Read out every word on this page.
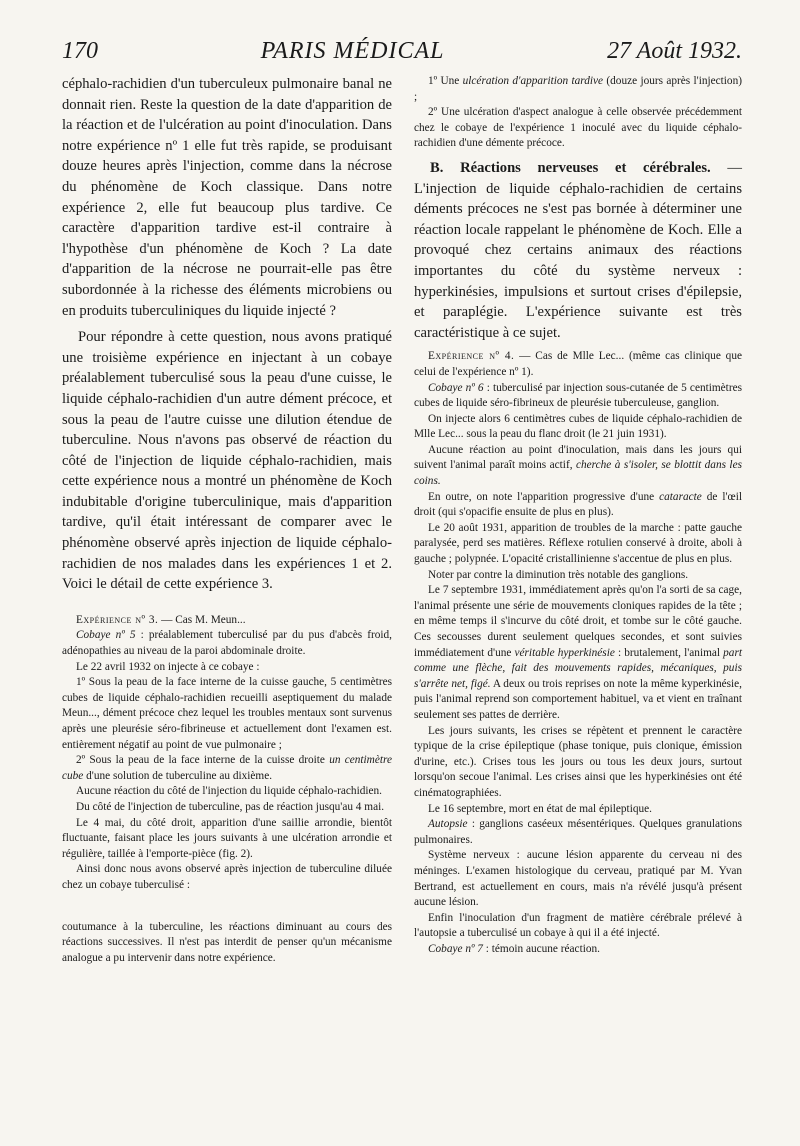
170	PARIS MÉDICAL	27 Août 1932.

céphalo-rachidien d'un tuberculeux pulmonaire banal ne donnait rien. Reste la question de la date d'apparition de la réaction et de l'ulcération au point d'inoculation. Dans notre expérience nº 1 elle fut très rapide, se produisant douze heures après l'injection, comme dans la nécrose du phénomène de Koch classique. Dans notre expérience 2, elle fut beaucoup plus tardive. Ce caractère d'apparition tardive est-il contraire à l'hypothèse d'un phénomène de Koch ? La date d'apparition de la nécrose ne pourrait-elle pas être subordonnée à la richesse des éléments microbiens ou en produits tuberculiniques du liquide injecté ?

Pour répondre à cette question, nous avons pratiqué une troisième expérience en injectant à un cobaye préalablement tuberculisé sous la peau d'une cuisse, le liquide céphalo-rachidien d'un autre dément précoce, et sous la peau de l'autre cuisse une dilution étendue de tuberculine. Nous n'avons pas observé de réaction du côté de l'injection de liquide céphalo-rachidien, mais cette expérience nous a montré un phénomène de Koch indubitable d'origine tuberculinique, mais d'apparition tardive, qu'il était intéressant de comparer avec le phénomène observé après injection de liquide céphalo-rachidien de nos malades dans les expériences 1 et 2. Voici le détail de cette expérience 3.

Expérience nº 3. — Cas M. Meun...

Cobaye nº 5 : préalablement tuberculisé par du pus d'abcès froid, adénopathies au niveau de la paroi abdominale droite.

Le 22 avril 1932 on injecte à ce cobaye :

1º Sous la peau de la face interne de la cuisse gauche, 5 centimètres cubes de liquide céphalo-rachidien recueilli aseptiquement du malade Meun..., dément précoce chez lequel les troubles mentaux sont survenus après une pleurésie séro-fibrineuse et actuellement dont l'examen est. entièrement négatif au point de vue pulmonaire ;

2º Sous la peau de la face interne de la cuisse droite un centimètre cube d'une solution de tuberculine au dixième.

Aucune réaction du côté de l'injection du liquide céphalo-rachidien.

Du côté de l'injection de tuberculine, pas de réaction jusqu'au 4 mai.

Le 4 mai, du côté droit, apparition d'une saillie arrondie, bientôt fluctuante, faisant place les jours suivants à une ulcération arrondie et régulière, taillée à l'emporte-pièce (fig. 2).

Ainsi donc nous avons observé après injection de tuberculine diluée chez un cobaye tuberculisé :

coutumance à la tuberculine, les réactions diminuant au cours des réactions successives. Il n'est pas interdit de penser qu'un mécanisme analogue a pu intervenir dans notre expérience.

1º Une ulcération d'apparition tardive (douze jours après l'injection) ;

2º Une ulcération d'aspect analogue à celle observée précédemment chez le cobaye de l'expérience 1 inoculé avec du liquide céphalo-rachidien d'une démente précoce.

B. Réactions nerveuses et cérébrales. — L'injection de liquide céphalo-rachidien de certains déments précoces ne s'est pas bornée à déterminer une réaction locale rappelant le phénomène de Koch. Elle a provoqué chez certains animaux des réactions importantes du côté du système nerveux : hyperkinésies, impulsions et surtout crises d'épilepsie, et paraplégie. L'expérience suivante est très caractéristique à ce sujet.

Expérience nº 4. — Cas de Mlle Lec... (même cas clinique que celui de l'expérience nº 1).

Cobaye nº 6 : tuberculisé par injection sous-cutanée de 5 centimètres cubes de liquide séro-fibrineux de pleurésie tuberculeuse, ganglion.

On injecte alors 6 centimètres cubes de liquide céphalo-rachidien de Mlle Lec... sous la peau du flanc droit (le 21 juin 1931).

Aucune réaction au point d'inoculation, mais dans les jours qui suivent l'animal paraît moins actif, cherche à s'isoler, se blottit dans les coins.

En outre, on note l'apparition progressive d'une cataracte de l'œil droit (qui s'opacifie ensuite de plus en plus).

Le 20 août 1931, apparition de troubles de la marche : patte gauche paralysée, perd ses matières. Réflexe rotulien conservé à droite, aboli à gauche ; polypnée. L'opacité cristallinienne s'accentue de plus en plus.

Noter par contre la diminution très notable des ganglions.

Le 7 septembre 1931, immédiatement après qu'on l'a sorti de sa cage, l'animal présente une série de mouvements cloniques rapides de la tête ; en même temps il s'incurve du côté droit, et tombe sur le côté gauche. Ces secousses durent seulement quelques secondes, et sont suivies immédiatement d'une véritable hyperkinésie : brutalement, l'animal part comme une flèche, fait des mouvements rapides, mécaniques, puis s'arrête net, figé. A deux ou trois reprises on note la même kyperkinésie, puis l'animal reprend son comportement habituel, va et vient en traînant seulement ses pattes de derrière.

Les jours suivants, les crises se répètent et prennent le caractère typique de la crise épileptique (phase tonique, puis clonique, émission d'urine, etc.). Crises tous les jours ou tous les deux jours, surtout lorsqu'on secoue l'animal. Les crises ainsi que les hyperkinésies ont été cinématographiées.

Le 16 septembre, mort en état de mal épileptique.

Autopsie : ganglions caséeux mésentériques. Quelques granulations pulmonaires.

Système nerveux : aucune lésion apparente du cerveau ni des méninges. L'examen histologique du cerveau, pratiqué par M. Yvan Bertrand, est actuellement en cours, mais n'a révélé jusqu'à présent aucune lésion.

Enfin l'inoculation d'un fragment de matière cérébrale prélevé à l'autopsie a tuberculisé un cobaye à qui il a été injecté.

Cobaye nº 7 : témoin aucune réaction.
